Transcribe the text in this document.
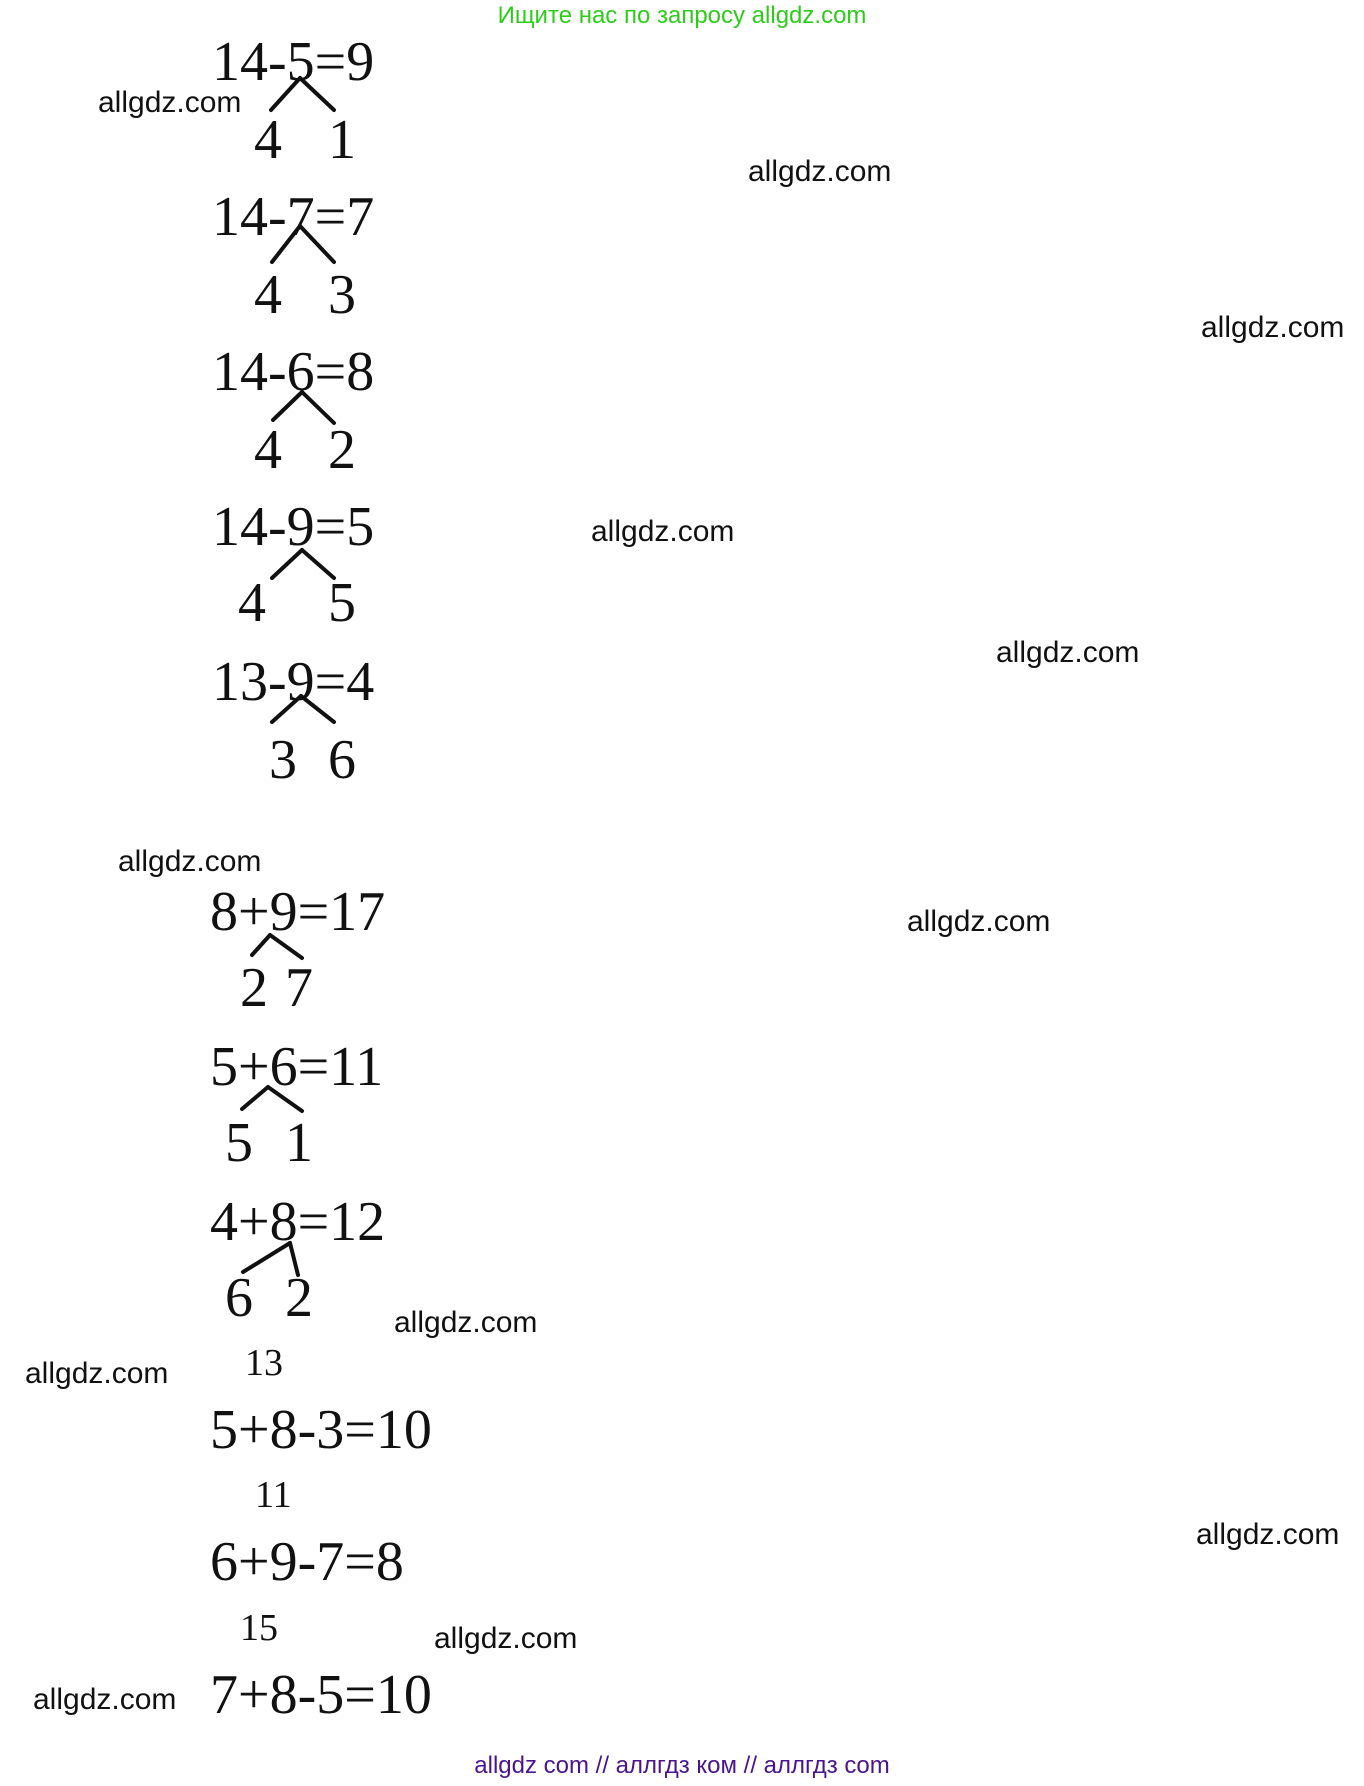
Ищите нас по запросу allgdz.com
allgdz.com
allgdz.com
allgdz.com
allgdz.com
allgdz.com
allgdz.com
allgdz.com
allgdz.com
allgdz.com
allgdz.com
allgdz.com
allgdz.com
14-5=9
4 1
14-7=7
4 3
14-6=8
4 2
14-9=5
4 5
13-9=4
3 6
8+9=17
2 7
5+6=11
5 1
4+8=12
6 2
13
5+8-3=10
11
6+9-7=8
15
7+8-5=10
allgdz com // аллгдз ком // аллгдз com
